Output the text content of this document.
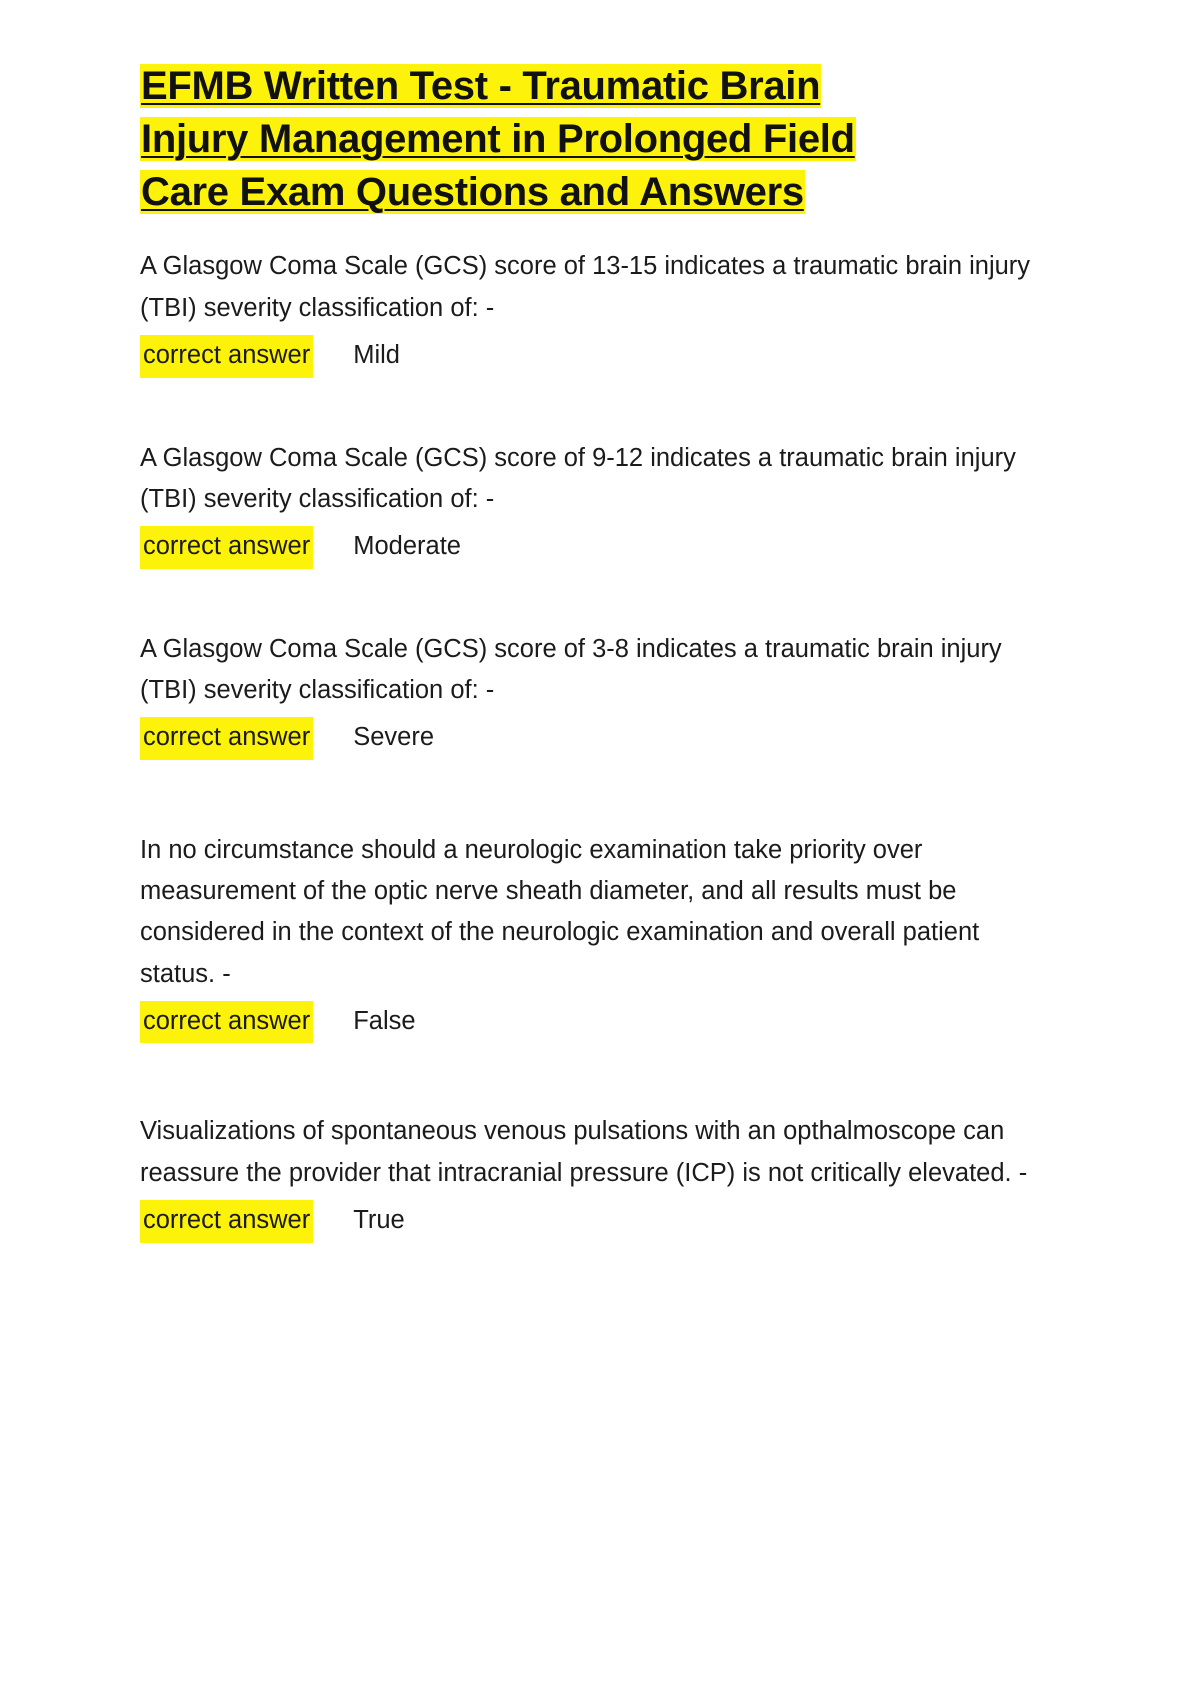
EFMB Written Test - Traumatic Brain
Injury Management in Prolonged Field
Care Exam Questions and Answers

A Glasgow Coma Scale (GCS) score of 13-15 indicates a traumatic brain injury (TBI) severity classification of: -

correct answer Mild

A Glasgow Coma Scale (GCS) score of 9-12 indicates a traumatic brain injury (TBI) severity classification of: -

correct answer Moderate

A Glasgow Coma Scale (GCS) score of 3-8 indicates a traumatic brain injury (TBI) severity classification of: -

correct answer Severe

In no circumstance should a neurologic examination take priority over measurement of the optic nerve sheath diameter, and all results must be considered in the context of the neurologic examination and overall patient status. -

correct answer False

Visualizations of spontaneous venous pulsations with an opthalmoscope can reassure the provider that intracranial pressure (ICP) is not critically elevated. -

correct answer True
